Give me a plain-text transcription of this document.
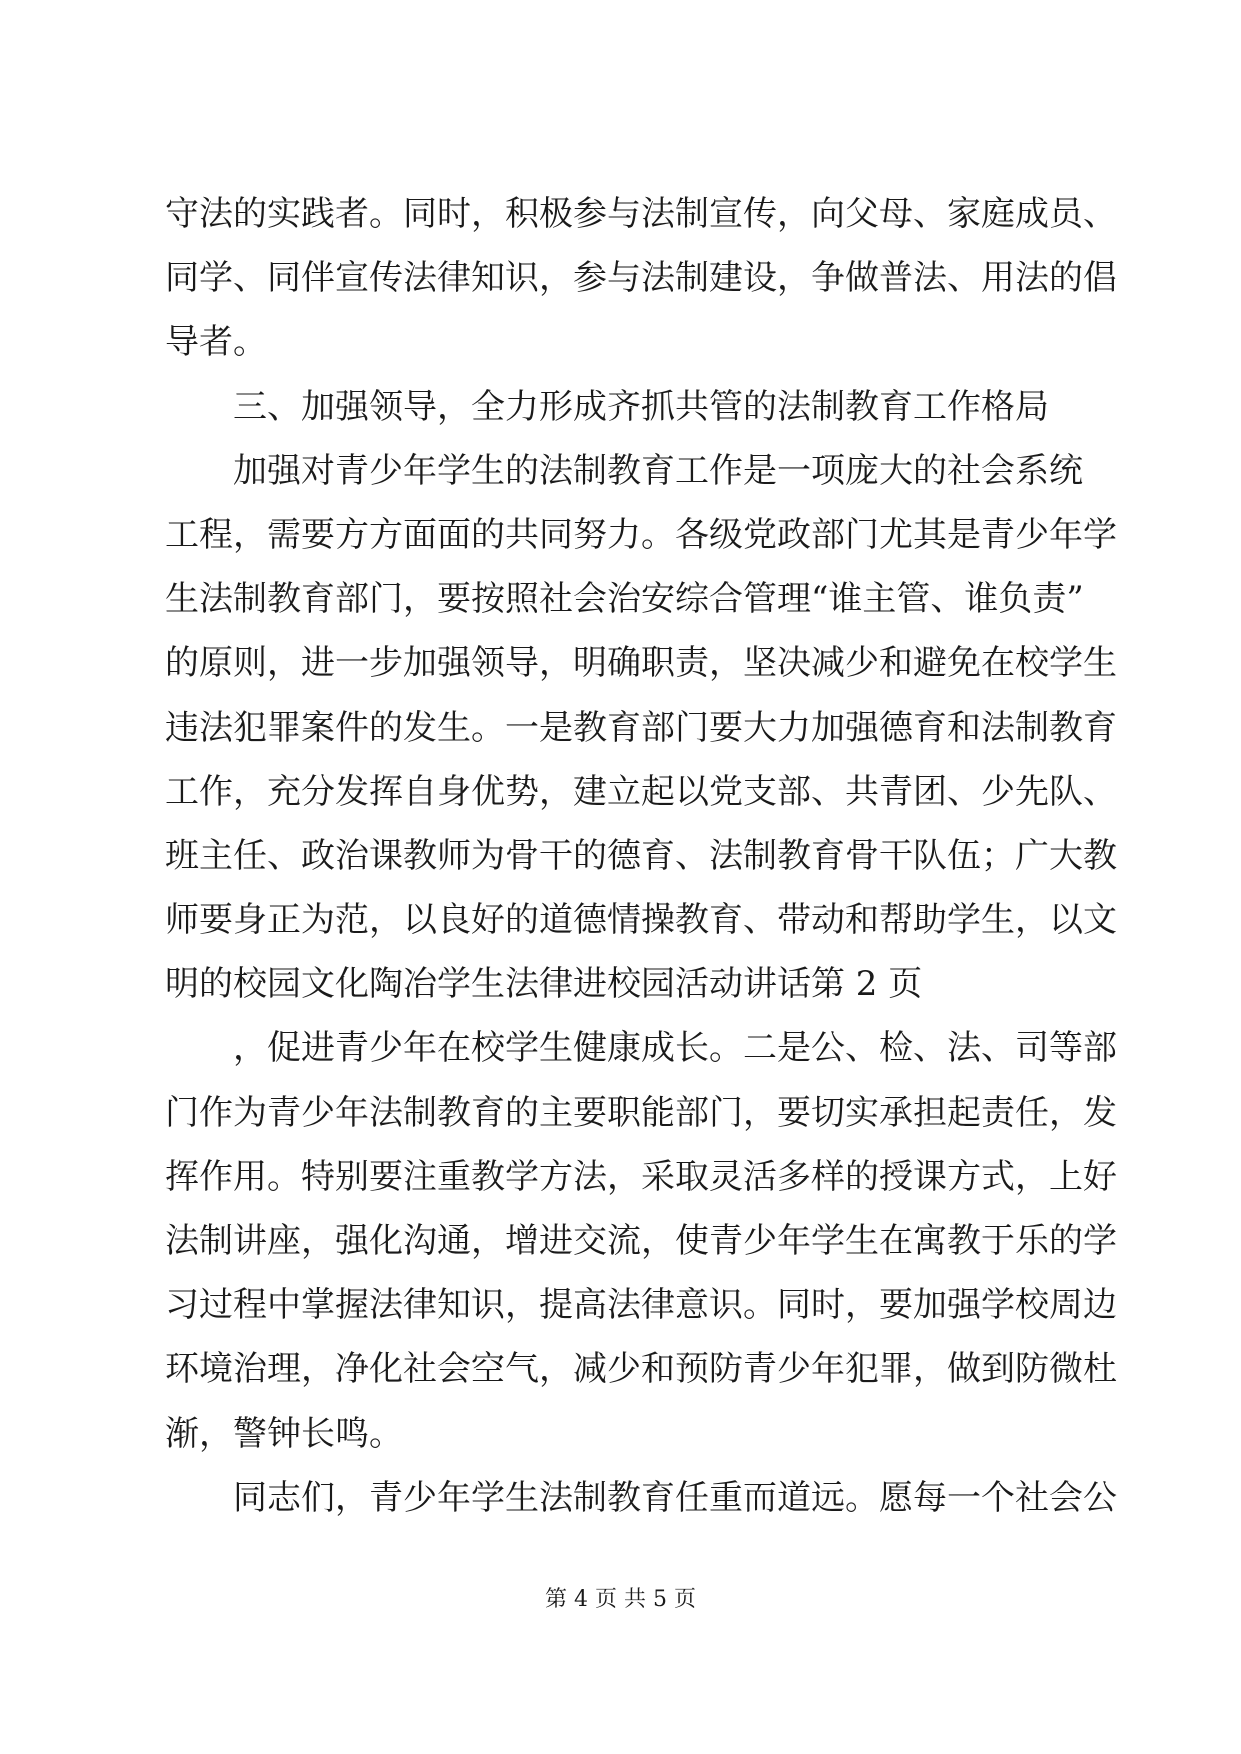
守法的实践者。同时，积极参与法制宣传，向父母、家庭成员、
同学、同伴宣传法律知识，参与法制建设，争做普法、用法的倡
导者。
三、加强领导，全力形成齐抓共管的法制教育工作格局
加强对青少年学生的法制教育工作是一项庞大的社会系统
工程，需要方方面面的共同努力。各级党政部门尤其是青少年学
生法制教育部门，要按照社会治安综合管理“谁主管、谁负责”
的原则，进一步加强领导，明确职责，坚决减少和避免在校学生
违法犯罪案件的发生。一是教育部门要大力加强德育和法制教育
工作，充分发挥自身优势，建立起以党支部、共青团、少先队、
班主任、政治课教师为骨干的德育、法制教育骨干队伍；广大教
师要身正为范，以良好的道德情操教育、带动和帮助学生，以文
明的校园文化陶冶学生法律进校园活动讲话第 2 页
，促进青少年在校学生健康成长。二是公、检、法、司等部
门作为青少年法制教育的主要职能部门，要切实承担起责任，发
挥作用。特别要注重教学方法，采取灵活多样的授课方式，上好
法制讲座，强化沟通，增进交流，使青少年学生在寓教于乐的学
习过程中掌握法律知识，提高法律意识。同时，要加强学校周边
环境治理，净化社会空气，减少和预防青少年犯罪，做到防微杜
渐，警钟长鸣。
同志们，青少年学生法制教育任重而道远。愿每一个社会公
第 4 页 共 5 页
